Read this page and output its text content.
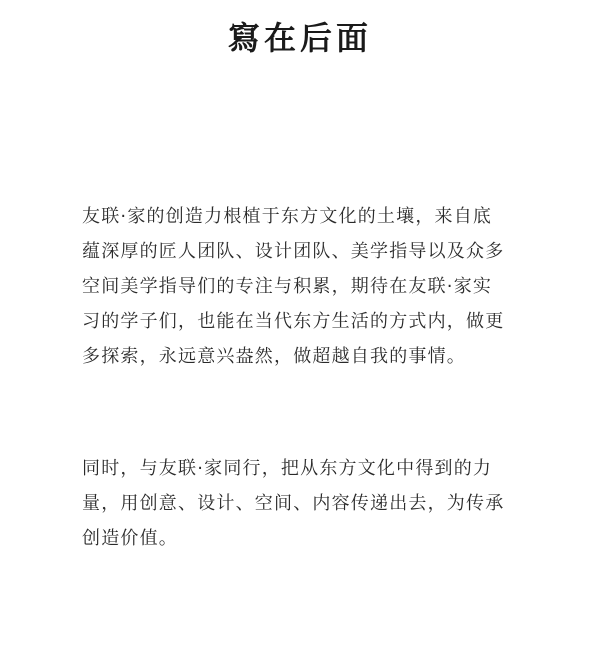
寫在后面

友联·家的创造力根植于东方文化的土壤，来自底
蕴深厚的匠人团队、设计团队、美学指导以及众多
空间美学指导们的专注与积累，期待在友联·家实
习的学子们，也能在当代东方生活的方式内，做更
多探索，永远意兴盎然，做超越自我的事情。

同时，与友联·家同行，把从东方文化中得到的力
量，用创意、设计、空间、内容传递出去，为传承
创造价值。
